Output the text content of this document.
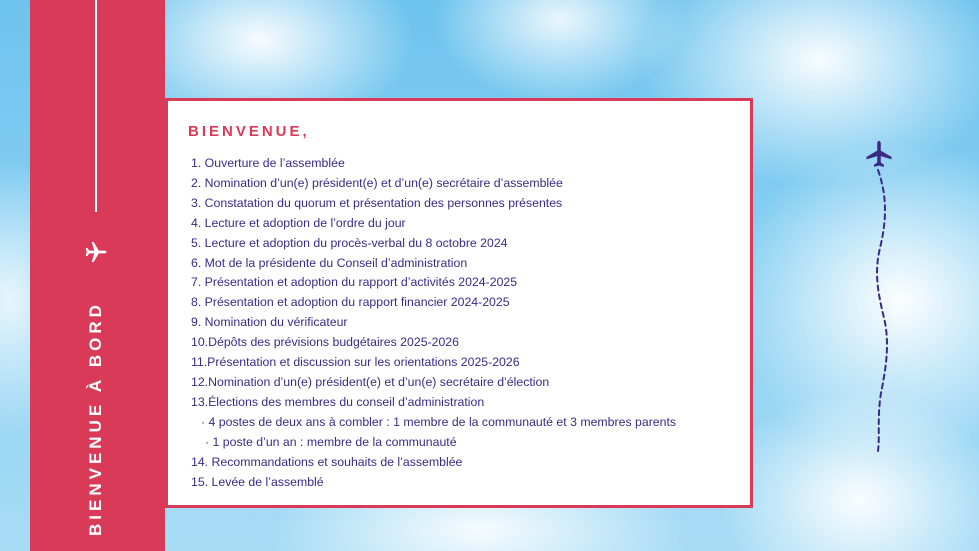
BIENVENUE À BORD
BIENVENUE,
1. Ouverture de l’assemblée
2. Nomination d’un(e) président(e) et d’un(e) secrétaire d’assemblée
3. Constatation du quorum et présentation des personnes présentes
4. Lecture et adoption de l’ordre du jour
5. Lecture et adoption du procès-verbal du 8 octobre 2024
6. Mot de la présidente du Conseil d’administration
7. Présentation et adoption du rapport d’activités 2024-2025
8. Présentation et adoption du rapport financier 2024-2025
9. Nomination du vérificateur
10.Dépôts des prévisions budgétaires 2025-2026
11.Présentation et discussion sur les orientations 2025-2026
12.Nomination d’un(e) président(e) et d’un(e) secrétaire d’élection
13.Élections des membres du conseil d’administration
· 4 postes de deux ans à combler : 1 membre de la communauté et 3 membres parents
· 1 poste d’un an : membre de la communauté
14. Recommandations et souhaits de l’assemblée
15. Levée de l’assemblé
